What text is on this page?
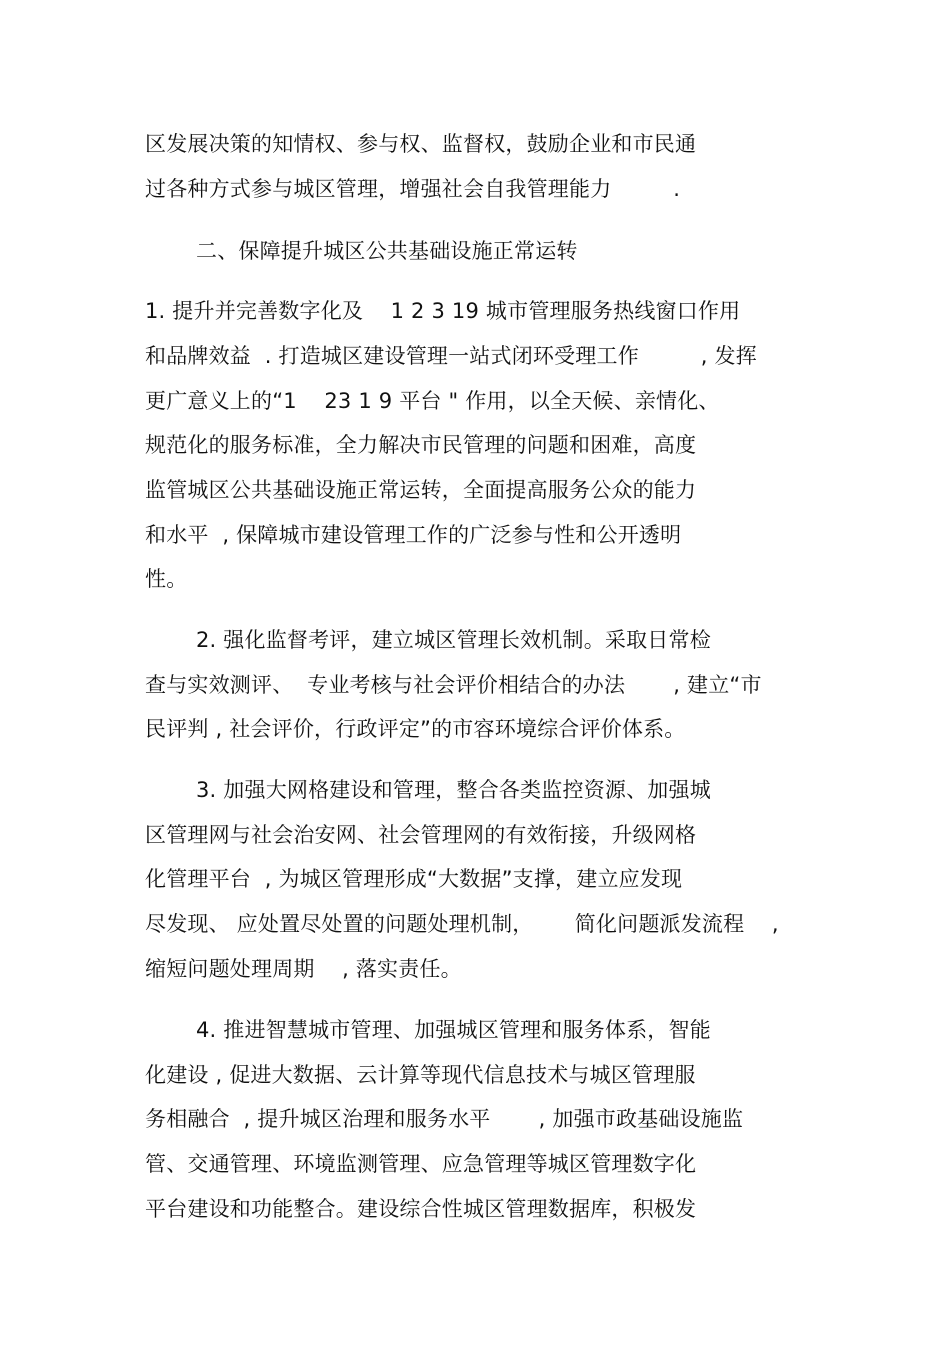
区发展决策的知情权、参与权、监督权，鼓励企业和市民通
过各种方式参与城区管理，增强社会自我管理能力         .
二、保障提升城区公共基础设施正常运转
1. 提升并完善数字化及    1 2 3 19 城市管理服务热线窗口作用
和品牌效益  . 打造城区建设管理一站式闭环受理工作         , 发挥
更广意义上的“1    23 1 9 平台 " 作用，以全天候、亲情化、
规范化的服务标准，全力解决市民管理的问题和困难，高度
监管城区公共基础设施正常运转，全面提高服务公众的能力
和水平  , 保障城市建设管理工作的广泛参与性和公开透明
性。
2. 强化监督考评，建立城区管理长效机制。采取日常检
查与实效测评、  专业考核与社会评价相结合的办法       , 建立“市
民评判 , 社会评价，行政评定”的市容环境综合评价体系。
3. 加强大网格建设和管理，整合各类监控资源、加强城
区管理网与社会治安网、社会管理网的有效衔接，升级网格
化管理平台  , 为城区管理形成“大数据”支撑，建立应发现
尽发现、 应处置尽处置的问题处理机制，      简化问题派发流程    ,
缩短问题处理周期    , 落实责任。
4. 推进智慧城市管理、加强城区管理和服务体系，智能
化建设 , 促进大数据、云计算等现代信息技术与城区管理服
务相融合  , 提升城区治理和服务水平       , 加强市政基础设施监
管、交通管理、环境监测管理、应急管理等城区管理数字化
平台建设和功能整合。建设综合性城区管理数据库，积极发
